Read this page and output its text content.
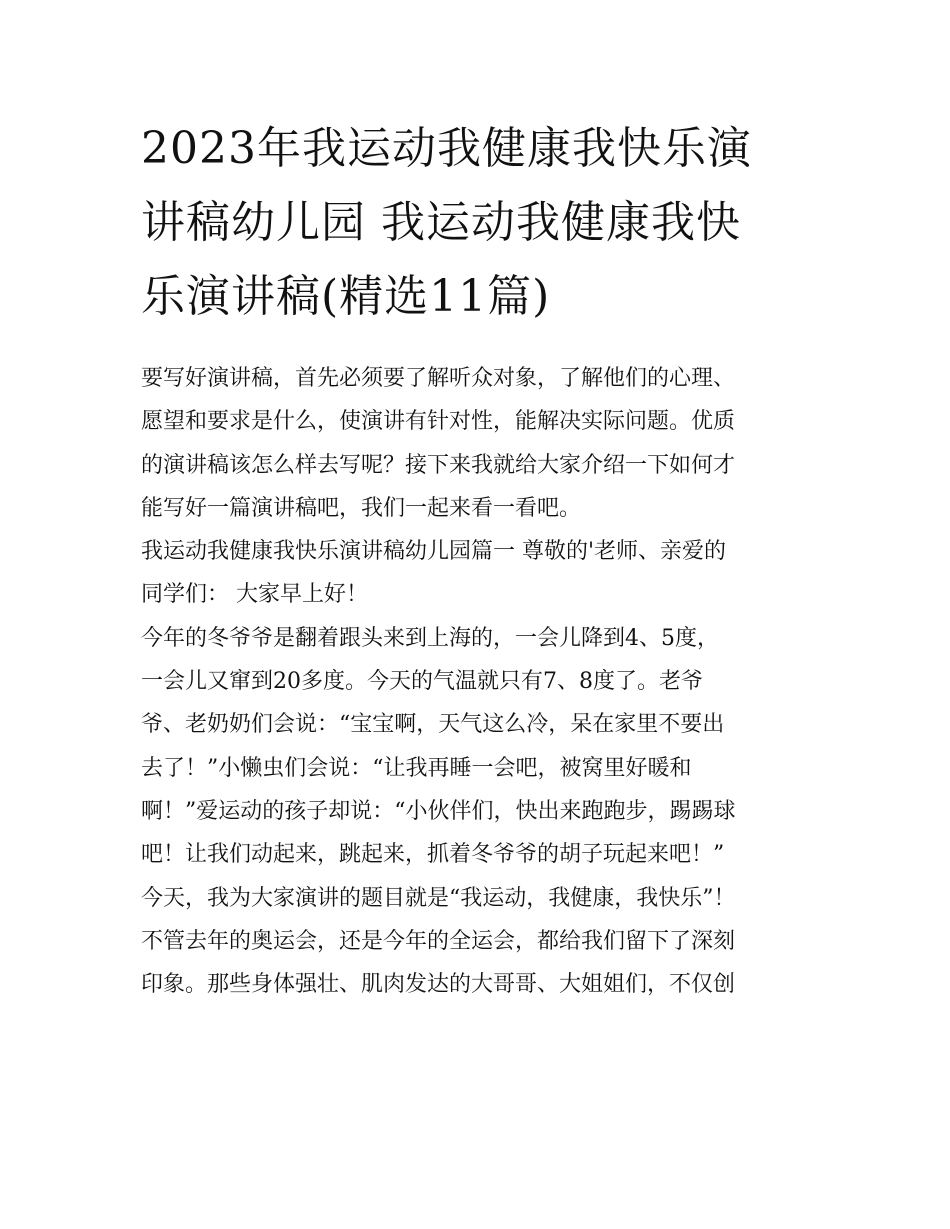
2023年我运动我健康我快乐演
讲稿幼儿园 我运动我健康我快
乐演讲稿(精选11篇)
要写好演讲稿，首先必须要了解听众对象，了解他们的心理、
愿望和要求是什么，使演讲有针对性，能解决实际问题。优质
的演讲稿该怎么样去写呢？接下来我就给大家介绍一下如何才
能写好一篇演讲稿吧，我们一起来看一看吧。
我运动我健康我快乐演讲稿幼儿园篇一 尊敬的'老师、亲爱的
同学们： 大家早上好！
今年的冬爷爷是翻着跟头来到上海的，一会儿降到4、5度，
一会儿又窜到20多度。今天的气温就只有7、8度了。老爷
爷、老奶奶们会说：“宝宝啊，天气这么冷，呆在家里不要出
去了！”小懒虫们会说：“让我再睡一会吧，被窝里好暖和
啊！”爱运动的孩子却说：“小伙伴们，快出来跑跑步，踢踢球
吧！让我们动起来，跳起来，抓着冬爷爷的胡子玩起来吧！”
今天，我为大家演讲的题目就是“我运动，我健康，我快乐”！
不管去年的奥运会，还是今年的全运会，都给我们留下了深刻
印象。那些身体强壮、肌肉发达的大哥哥、大姐姐们，不仅创
